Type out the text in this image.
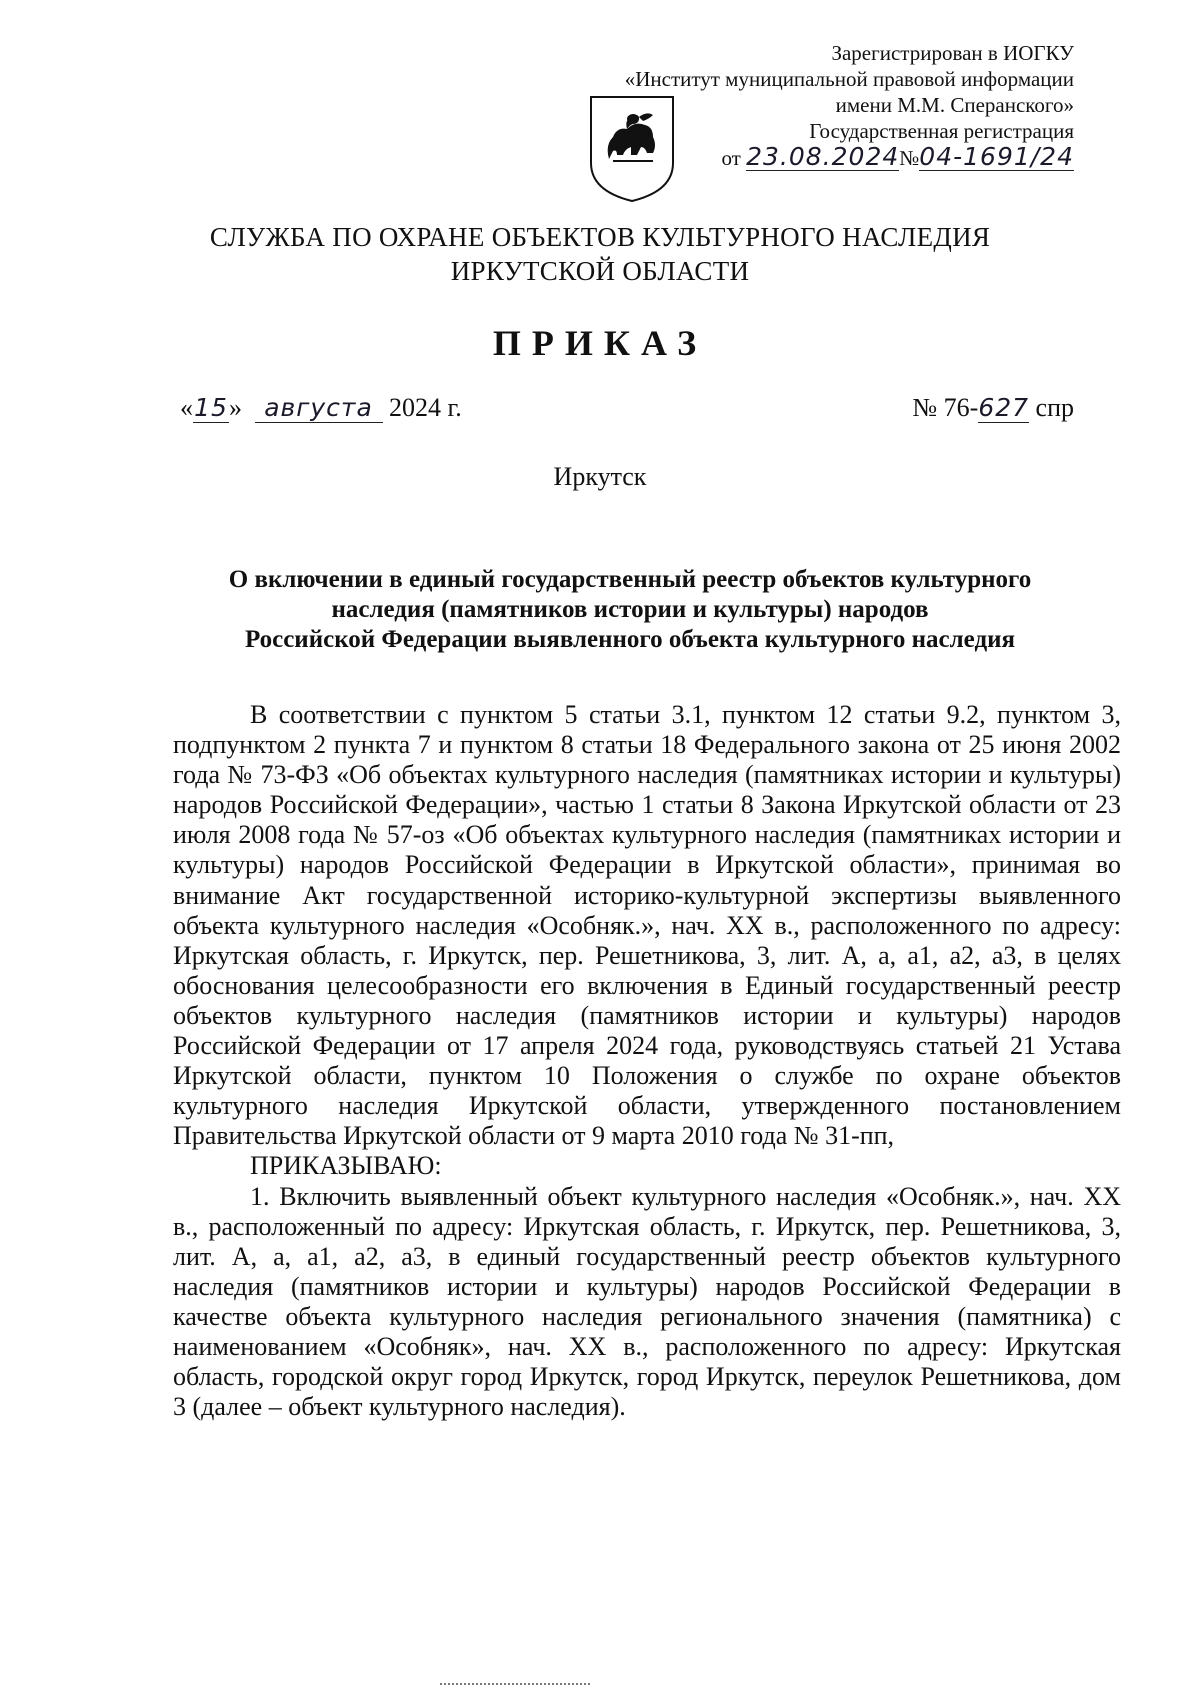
Зарегистрирован в ИОГКУ
«Институт муниципальной правовой информации
имени М.М. Сперанского»
Государственная регистрация
от 23.08.2024№04-1691/24
СЛУЖБА ПО ОХРАНЕ ОБЪЕКТОВ КУЛЬТУРНОГО НАСЛЕДИЯ
ИРКУТСКОЙ ОБЛАСТИ
ПРИКАЗ
«15» августа 2024 г.	№ 76-627 спр
Иркутск
О включении в единый государственный реестр объектов культурного
наследия (памятников истории и культуры) народов
Российской Федерации выявленного объекта культурного наследия

В соответствии с пунктом 5 статьи 3.1, пунктом 12 статьи 9.2, пунктом 3, подпунктом 2 пункта 7 и пунктом 8 статьи 18 Федерального закона от 25 июня 2002 года № 73-ФЗ «Об объектах культурного наследия (памятниках истории и культуры) народов Российской Федерации», частью 1 статьи 8 Закона Иркутской области от 23 июля 2008 года № 57-оз «Об объектах культурного наследия (памятниках истории и культуры) народов Российской Федерации в Иркутской области», принимая во внимание Акт государственной историко-культурной экспертизы выявленного объекта культурного наследия «Особняк.», нач. XX в., расположенного по адресу: Иркутская область, г. Иркутск, пер. Решетникова, 3, лит. А, а, а1, а2, а3, в целях обоснования целесообразности его включения в Единый государственный реестр объектов культурного наследия (памятников истории и культуры) народов Российской Федерации от 17 апреля 2024 года, руководствуясь статьей 21 Устава Иркутской области, пунктом 10 Положения о службе по охране объектов культурного наследия Иркутской области, утвержденного постановлением Правительства Иркутской области от 9 марта 2010 года № 31-пп,

ПРИКАЗЫВАЮ:

1. Включить выявленный объект культурного наследия «Особняк.», нач. XX в., расположенный по адресу: Иркутская область, г. Иркутск, пер. Решетникова, 3, лит. А, а, а1, а2, а3, в единый государственный реестр объектов культурного наследия (памятников истории и культуры) народов Российской Федерации в качестве объекта культурного наследия регионального значения (памятника) с наименованием «Особняк», нач. XX в., расположенного по адресу: Иркутская область, городской округ город Иркутск, город Иркутск, переулок Решетникова, дом 3 (далее – объект культурного наследия).
